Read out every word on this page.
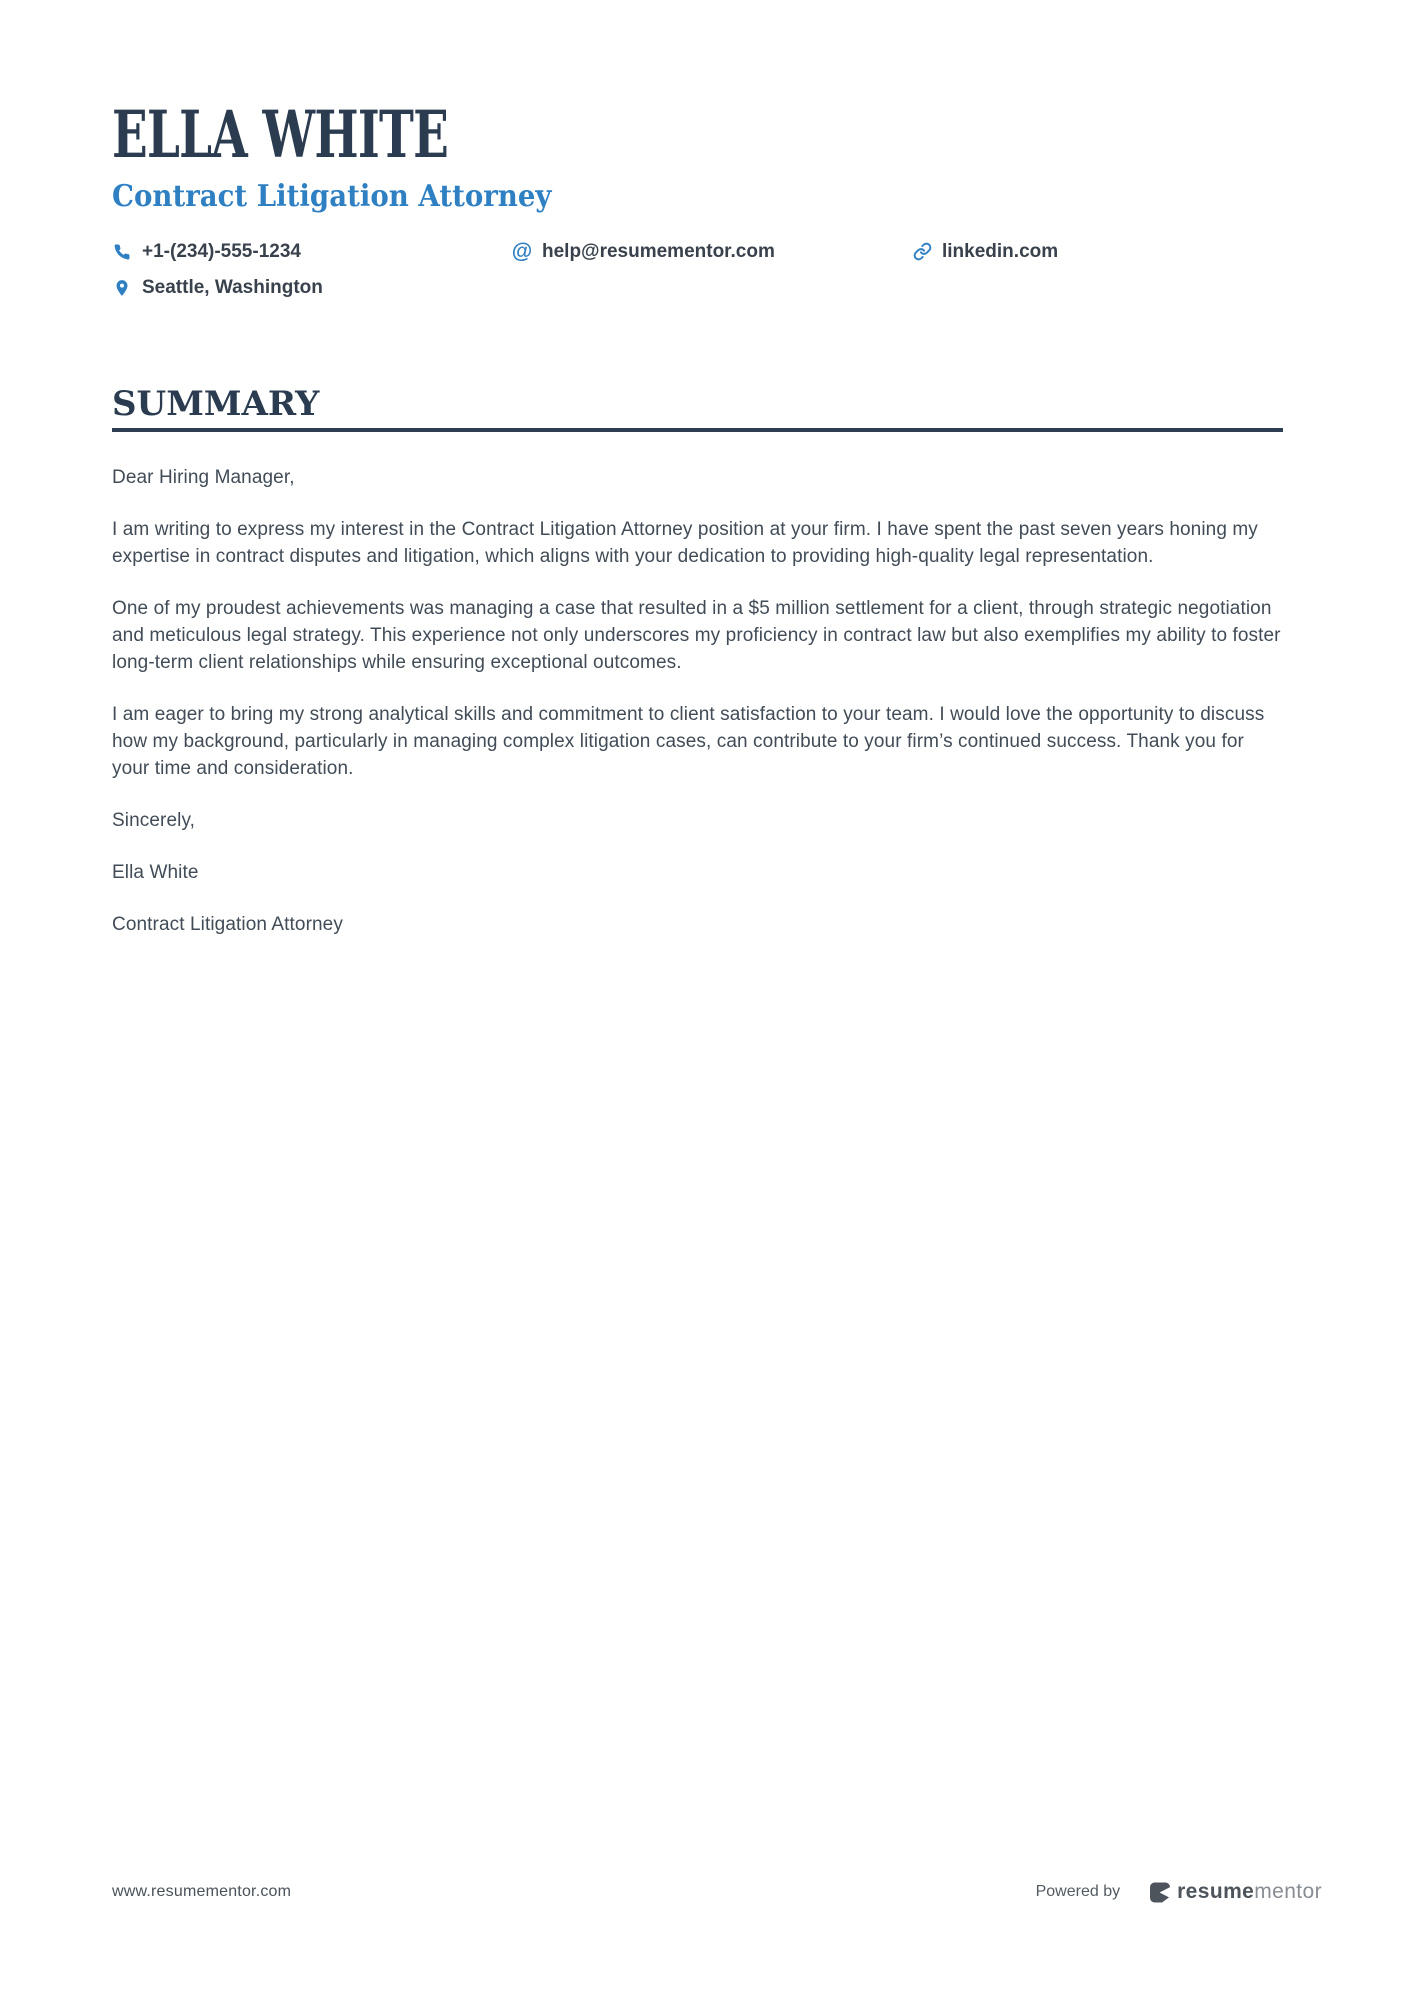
ELLA WHITE
Contract Litigation Attorney
+1-(234)-555-1234	@ help@resumementor.com	linkedin.com
Seattle, Washington
SUMMARY

Dear Hiring Manager,

I am writing to express my interest in the Contract Litigation Attorney position at your firm. I have spent the past seven years honing my expertise in contract disputes and litigation, which aligns with your dedication to providing high-quality legal representation.

One of my proudest achievements was managing a case that resulted in a $5 million settlement for a client, through strategic negotiation and meticulous legal strategy. This experience not only underscores my proficiency in contract law but also exemplifies my ability to foster long-term client relationships while ensuring exceptional outcomes.

I am eager to bring my strong analytical skills and commitment to client satisfaction to your team. I would love the opportunity to discuss how my background, particularly in managing complex litigation cases, can contribute to your firm’s continued success. Thank you for your time and consideration.

Sincerely,

Ella White

Contract Litigation Attorney

www.resumementor.com	Powered by	resumementor
